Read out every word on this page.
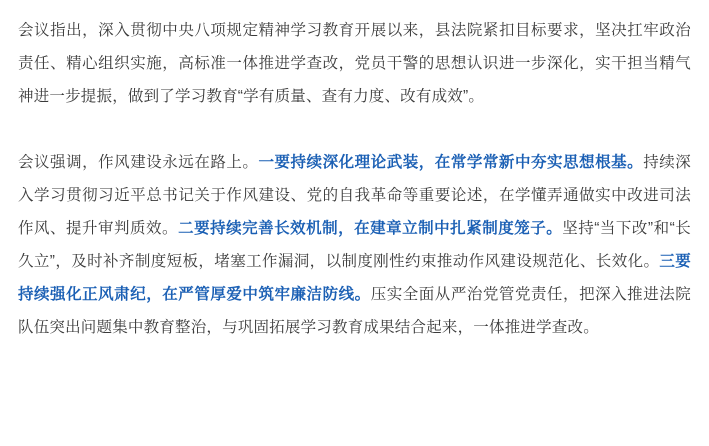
会议指出，深入贯彻中央八项规定精神学习教育开展以来，县法院紧扣目标要求，坚决扛牢政治责任、精心组织实施，高标准一体推进学查改，党员干警的思想认识进一步深化，实干担当精气神进一步提振，做到了学习教育“学有质量、查有力度、改有成效”。

会议强调，作风建设永远在路上。一要持续深化理论武装，在常学常新中夯实思想根基。持续深入学习贯彻习近平总书记关于作风建设、党的自我革命等重要论述，在学懂弄通做实中改进司法作风、提升审判质效。二要持续完善长效机制，在建章立制中扎紧制度笼子。坚持“当下改”和“长久立”，及时补齐制度短板，堵塞工作漏洞，以制度刚性约束推动作风建设规范化、长效化。三要持续强化正风肃纪，在严管厚爱中筑牢廉洁防线。压实全面从严治党管党责任，把深入推进法院队伍突出问题集中教育整治，与巩固拓展学习教育成果结合起来，一体推进学查改。
